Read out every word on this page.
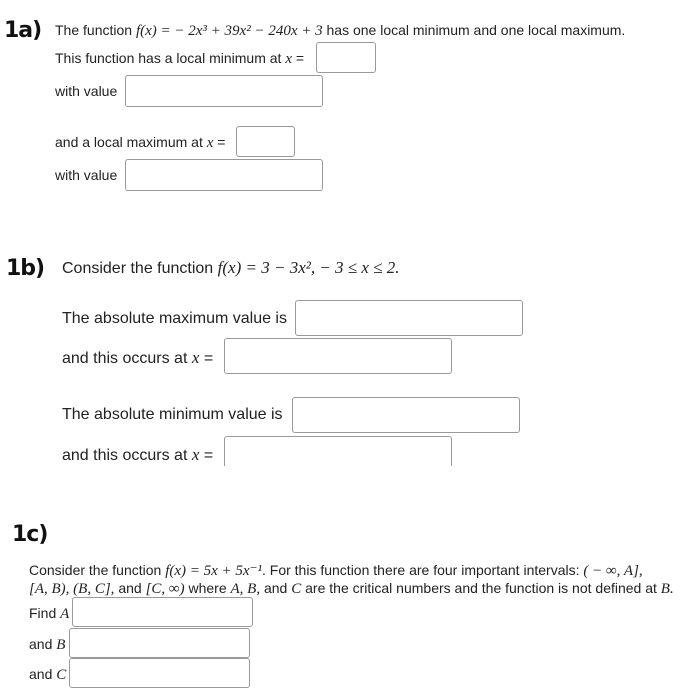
1a) The function f(x) = − 2x³ + 39x² − 240x + 3 has one local minimum and one local maximum.
This function has a local minimum at x =
with value
and a local maximum at x =
with value
1b) Consider the function f(x) = 3 − 3x², − 3 ≤ x ≤ 2.
The absolute maximum value is
and this occurs at x =
The absolute minimum value is
and this occurs at x =
1c)
Consider the function f(x) = 5x + 5x⁻¹. For this function there are four important intervals: ( − ∞, A],
[A, B), (B, C], and [C, ∞) where A, B, and C are the critical numbers and the function is not defined at B.
Find A
and B
and C
